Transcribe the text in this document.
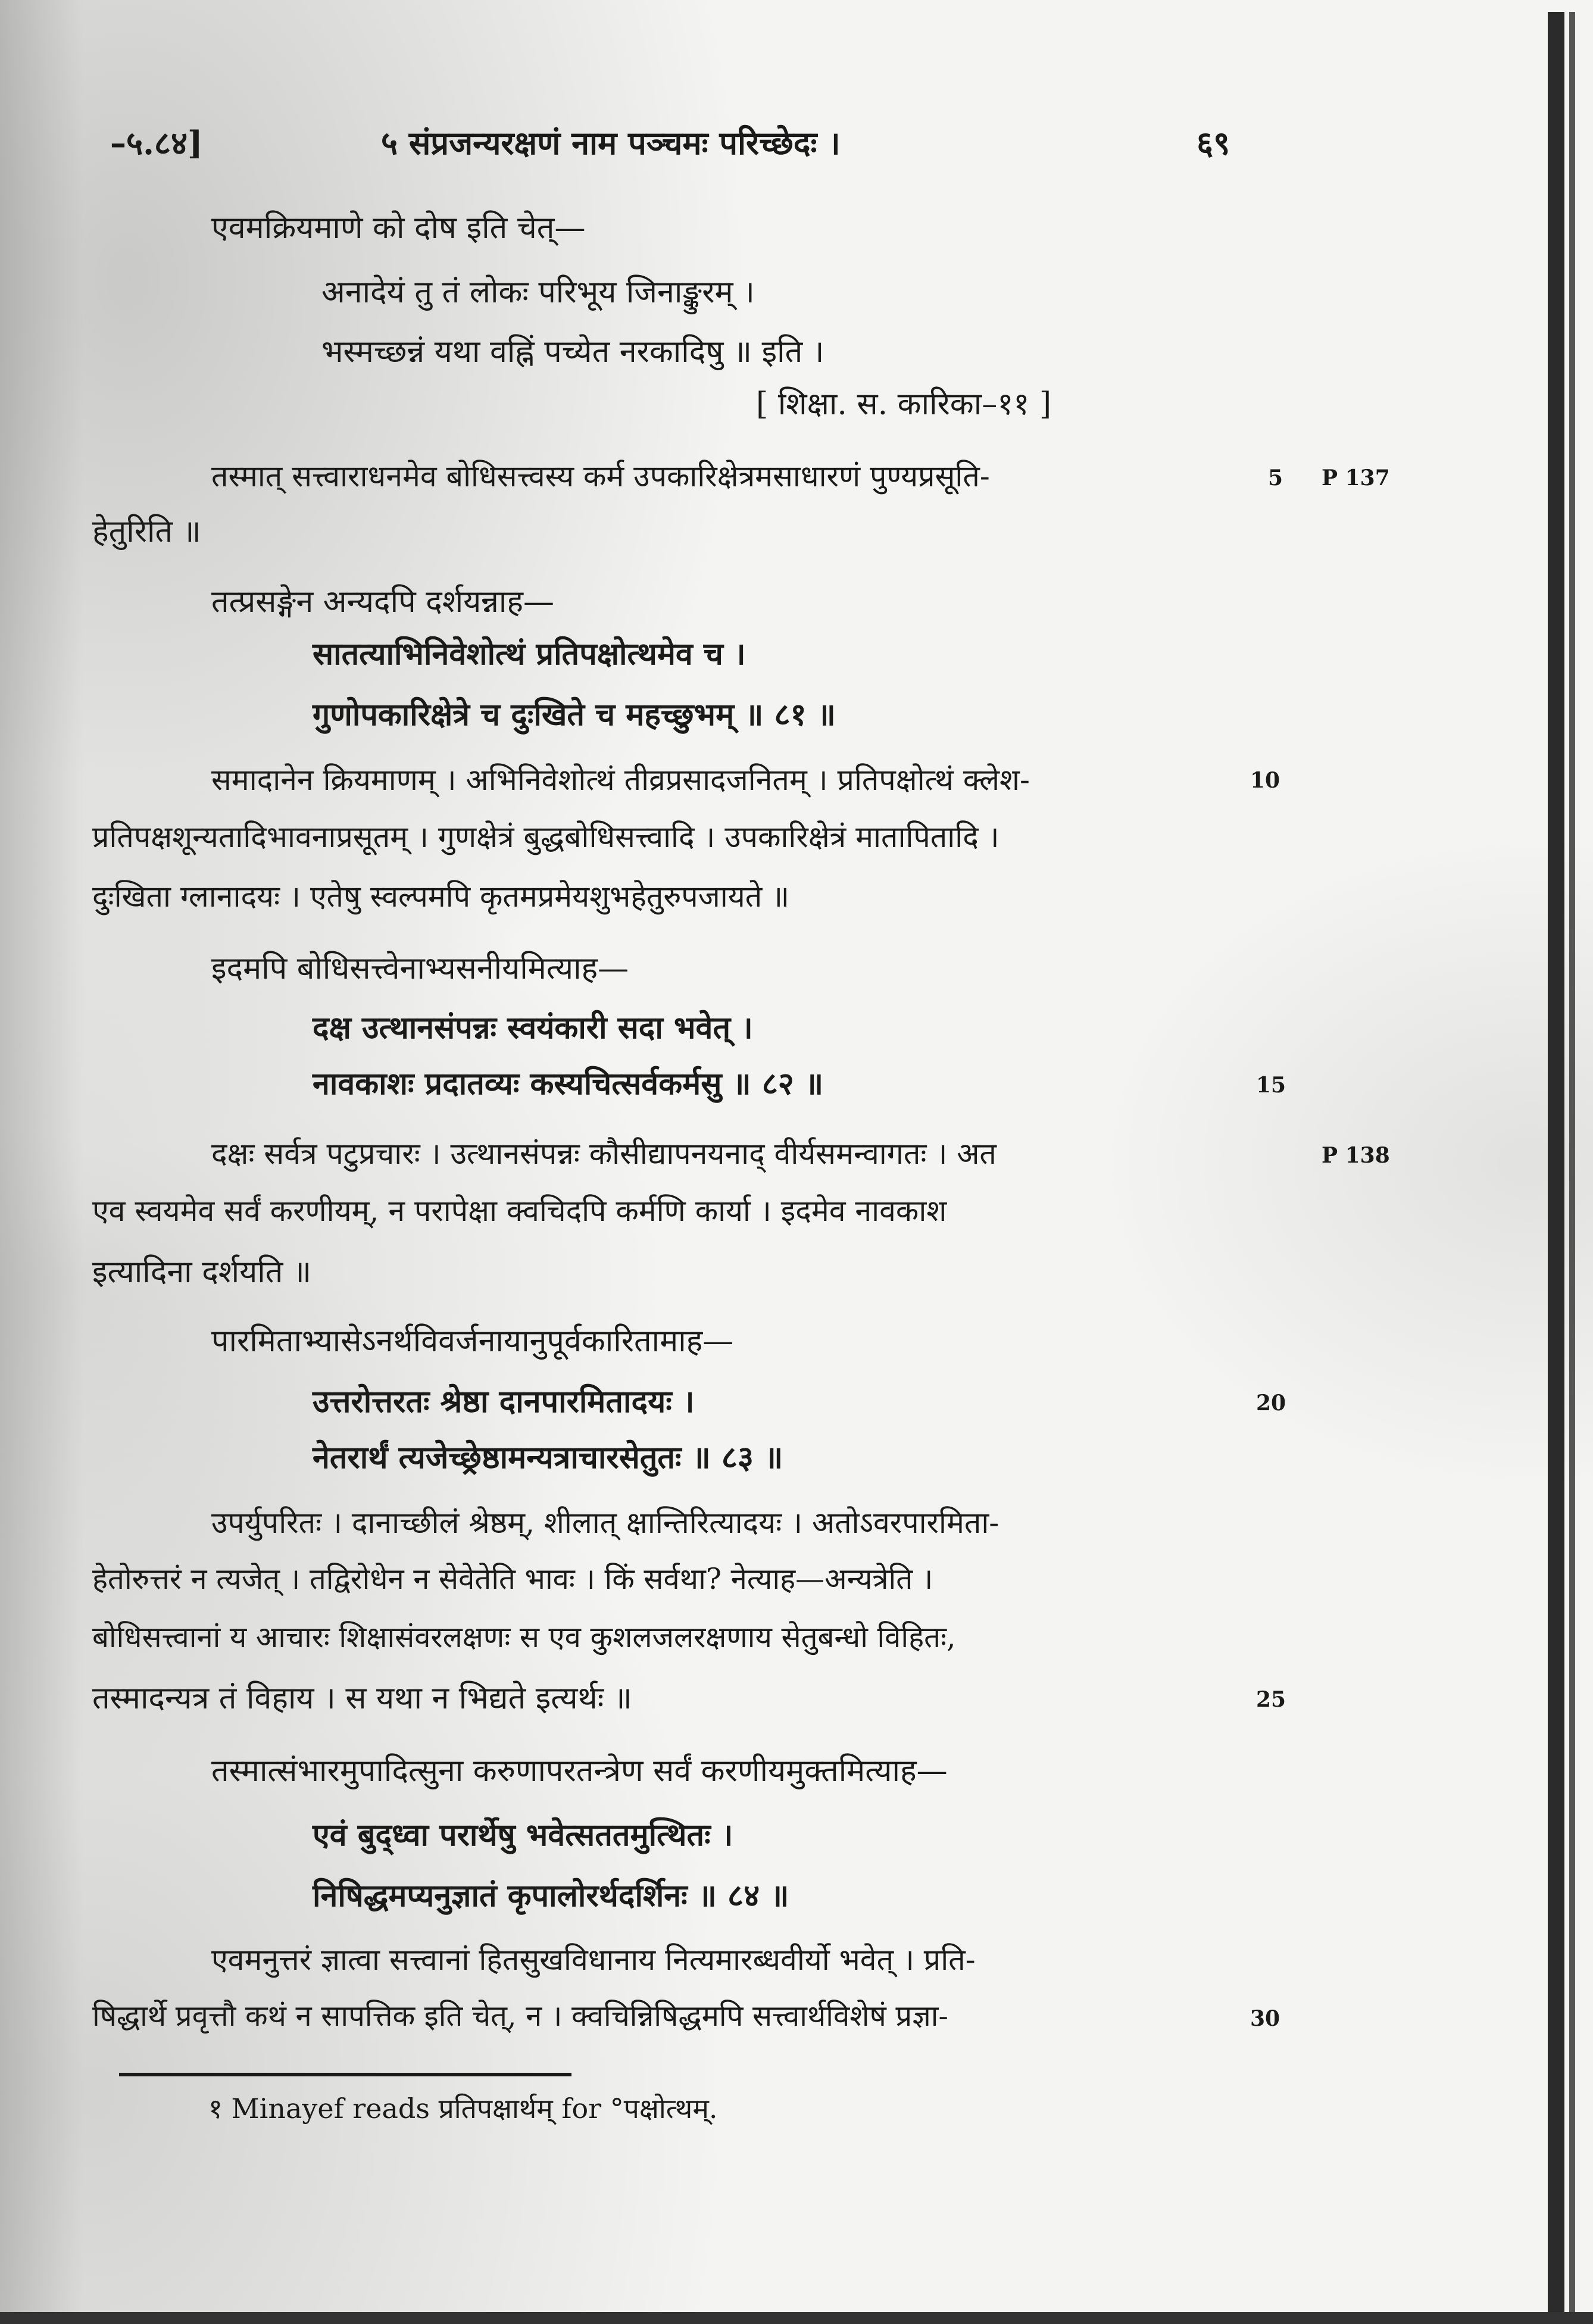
–५.८४]	५ संप्रजन्यरक्षणं नाम पञ्चमः परिच्छेदः ।	६९
एवमक्रियमाणे को दोष इति चेत्—
अनादेयं तु तं लोकः परिभूय जिनाङ्कुरम् ।
भस्मच्छन्नं यथा वह्निं पच्येत नरकादिषु ॥ इति ।
[ शिक्षा. स. कारिका–११ ]
तस्मात् सत्त्वाराधनमेव बोधिसत्त्वस्य कर्म उपकारिक्षेत्रमसाधारणं पुण्यप्रसूति-
हेतुरिति ॥
तत्प्रसङ्गेन अन्यदपि दर्शयन्नाह—
सातत्याभिनिवेशोत्थं प्रतिपक्षोत्थमेव च ।
गुणोपकारिक्षेत्रे च दुःखिते च महच्छुभम् ॥ ८१ ॥
समादानेन क्रियमाणम् । अभिनिवेशोत्थं तीव्रप्रसादजनितम् । प्रतिपक्षोत्थं क्लेश-
प्रतिपक्षशून्यतादिभावनाप्रसूतम् । गुणक्षेत्रं बुद्धबोधिसत्त्वादि । उपकारिक्षेत्रं मातापितादि ।
दुःखिता ग्लानादयः । एतेषु स्वल्पमपि कृतमप्रमेयशुभहेतुरुपजायते ॥
इदमपि बोधिसत्त्वेनाभ्यसनीयमित्याह—
दक्ष उत्थानसंपन्नः स्वयंकारी सदा भवेत् ।
नावकाशः प्रदातव्यः कस्यचित्सर्वकर्मसु ॥ ८२ ॥
दक्षः सर्वत्र पटुप्रचारः । उत्थानसंपन्नः कौसीद्यापनयनाद् वीर्यसमन्वागतः । अत
एव स्वयमेव सर्वं करणीयम्, न परापेक्षा क्वचिदपि कर्मणि कार्या । इदमेव नावकाश
इत्यादिना दर्शयति ॥
पारमिताभ्यासेऽनर्थविवर्जनायानुपूर्वकारितामाह—
उत्तरोत्तरतः श्रेष्ठा दानपारमितादयः ।
नेतरार्थं त्यजेच्छ्रेष्ठामन्यत्राचारसेतुतः ॥ ८३ ॥
उपर्युपरितः । दानाच्छीलं श्रेष्ठम्, शीलात् क्षान्तिरित्यादयः । अतोऽवरपारमिता-
हेतोरुत्तरं न त्यजेत् । तद्विरोधेन न सेवेतेति भावः । किं सर्वथा? नेत्याह—अन्यत्रेति ।
बोधिसत्त्वानां य आचारः शिक्षासंवरलक्षणः स एव कुशलजलरक्षणाय सेतुबन्धो विहितः,
तस्मादन्यत्र तं विहाय । स यथा न भिद्यते इत्यर्थः ॥
तस्मात्संभारमुपादित्सुना करुणापरतन्त्रेण सर्वं करणीयमुक्तमित्याह—
एवं बुद्ध्वा परार्थेषु भवेत्सततमुत्थितः ।
निषिद्धमप्यनुज्ञातं कृपालोरर्थदर्शिनः ॥ ८४ ॥
एवमनुत्तरं ज्ञात्वा सत्त्वानां हितसुखविधानाय नित्यमारब्धवीर्यो भवेत् । प्रति-
षिद्धार्थे प्रवृत्तौ कथं न सापत्तिक इति चेत्, न । क्वचिन्निषिद्धमपि सत्त्वार्थविशेषं प्रज्ञा-
5
10
15
20
25
30
P 137
P 138
१ Minayef reads प्रतिपक्षार्थम् for °पक्षोत्थम्.
